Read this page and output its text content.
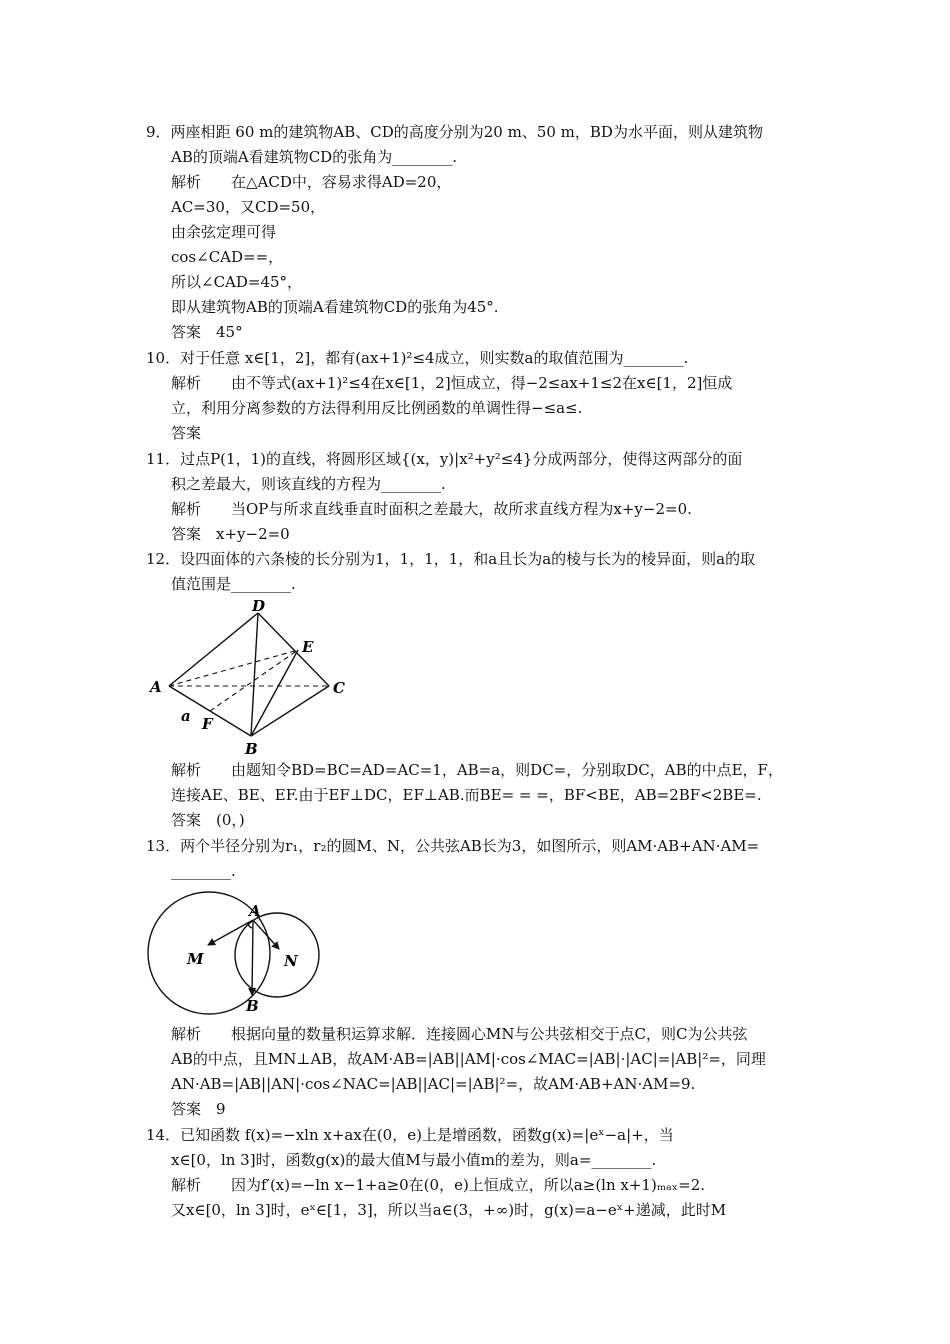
9．两座相距 60 m的建筑物AB、CD的高度分别为20 m、50 m，BD为水平面，则从建筑物
AB的顶端A看建筑物CD的张角为________.
解析　　在△ACD中，容易求得AD=20，
AC=30，又CD=50，
由余弦定理可得
cos∠CAD==，
所以∠CAD=45°，
即从建筑物AB的顶端A看建筑物CD的张角为45°.
答案　45°
10．对于任意 x∈[1，2]，都有(ax+1)²≤4成立，则实数a的取值范围为________.
解析　　由不等式(ax+1)²≤4在x∈[1，2]恒成立，得−2≤ax+1≤2在x∈[1，2]恒成
立，利用分离参数的方法得利用反比例函数的单调性得−≤a≤.
答案
11．过点P(1，1)的直线，将圆形区域{(x，y)|x²+y²≤4}分成两部分，使得这两部分的面
积之差最大，则该直线的方程为________.
解析　　当OP与所求直线垂直时面积之差最大，故所求直线方程为x+y−2=0.
答案　x+y−2=0
12．设四面体的六条棱的长分别为1，1，1，1，和a且长为a的棱与长为的棱异面，则a的取
值范围是________.
D
E
A	C
a F
B
解析　　由题知令BD=BC=AD=AC=1，AB=a，则DC=，分别取DC，AB的中点E，F，
连接AE、BE、EF.由于EF⊥DC，EF⊥AB.而BE= = =，BF<BE，AB=2BF<2BE=.
答案　(0，)
13．两个半径分别为r₁，r₂的圆M、N，公共弦AB长为3，如图所示，则AM·AB+AN·AM=
________.
A
M	N
B
解析　　根据向量的数量积运算求解．连接圆心MN与公共弦相交于点C，则C为公共弦
AB的中点，且MN⊥AB，故AM·AB=|AB||AM|·cos∠MAC=|AB|·|AC|=|AB|²=，同理
AN·AB=|AB||AN|·cos∠NAC=|AB||AC|=|AB|²=，故AM·AB+AN·AM=9.
答案　9
14．已知函数 f(x)=−xln x+ax在(0，e)上是增函数，函数g(x)=|eˣ−a|+，当
x∈[0，ln 3]时，函数g(x)的最大值M与最小值m的差为，则a=________.
解析　　因为f′(x)=−ln x−1+a≥0在(0，e)上恒成立，所以a≥(ln x+1)ₘₐₓ=2.
又x∈[0，ln 3]时，eˣ∈[1，3]，所以当a∈(3，+∞)时，g(x)=a−eˣ+递减，此时M
